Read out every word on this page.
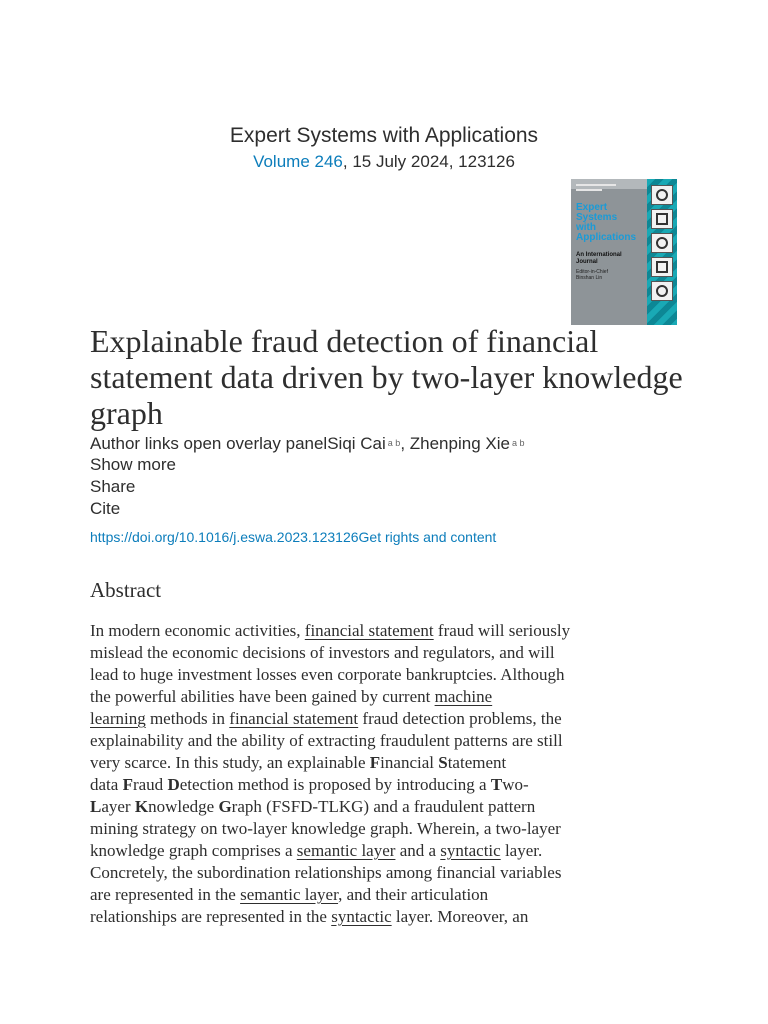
Expert Systems with Applications
Volume 246, 15 July 2024, 123126
Expert
Systems
with
Applications
An International
Journal
Editor-in-Chief
Binshan Lin
Explainable fraud detection of financial statement data driven by two-layer knowledge graph
Author links open overlay panelSiqi Cai $^{a b}$, Zhenping Xie $^{a b}$
Show more
Share
Cite
https://doi.org/10.1016/j.eswa.2023.123126Get rights and content
Abstract
In modern economic activities, financial statement fraud will seriously
mislead the economic decisions of investors and regulators, and will
lead to huge investment losses even corporate bankruptcies. Although
the powerful abilities have been gained by current machine
learning methods in financial statement fraud detection problems, the
explainability and the ability of extracting fraudulent patterns are still
very scarce. In this study, an explainable Financial Statement
data Fraud Detection method is proposed by introducing a Two-
Layer Knowledge Graph (FSFD-TLKG) and a fraudulent pattern
mining strategy on two-layer knowledge graph. Wherein, a two-layer
knowledge graph comprises a semantic layer and a syntactic layer.
Concretely, the subordination relationships among financial variables
are represented in the semantic layer, and their articulation
relationships are represented in the syntactic layer. Moreover, an
